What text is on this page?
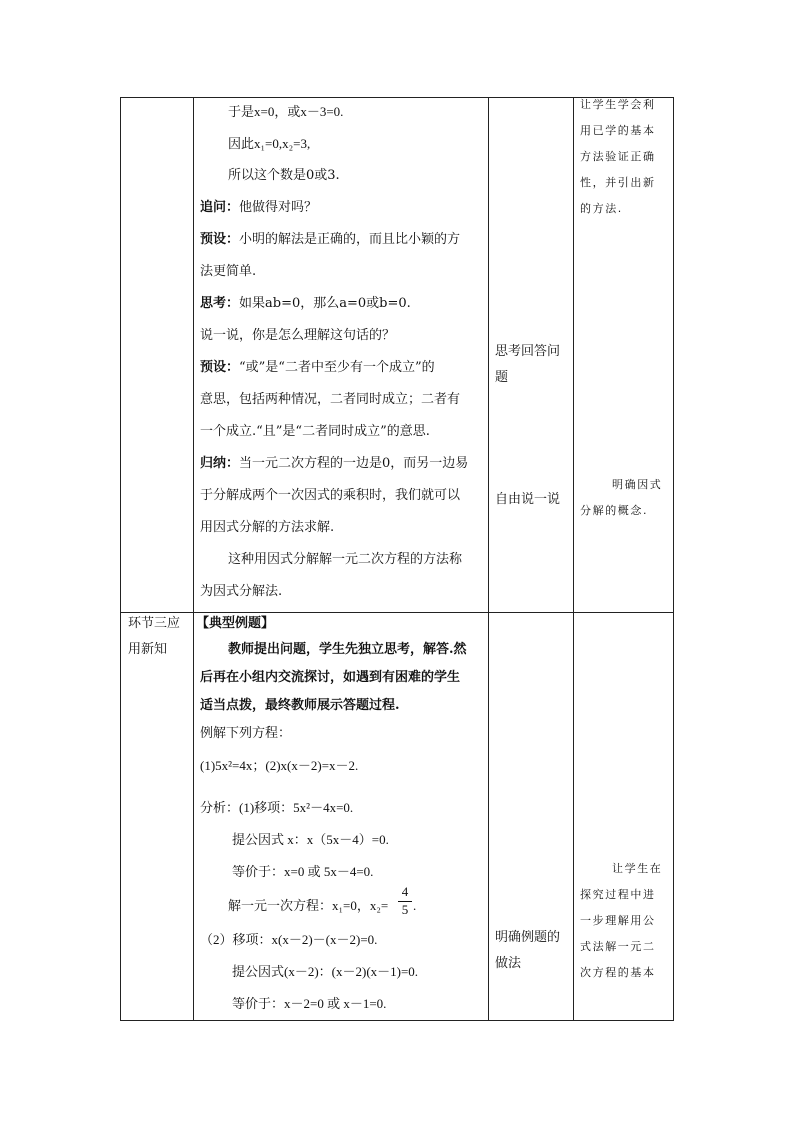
于是x=0，或x－3=0.
因此x₁=0,x₂=3,
所以这个数是0或3.
追问：他做得对吗？
预设：小明的解法是正确的，而且比小颖的方
法更简单.
思考：如果ab=0，那么a=0或b=0.
说一说，你是怎么理解这句话的？
预设：“或”是“二者中至少有一个成立”的
意思，包括两种情况，二者同时成立；二者有
一个成立.“且”是“二者同时成立”的意思.
归纳：当一元二次方程的一边是0，而另一边易
于分解成两个一次因式的乘积时，我们就可以
用因式分解的方法求解.
这种用因式分解解一元二次方程的方法称
为因式分解法.
思考回答问
题
自由说一说
让学生学会利
用已学的基本
方法验证正确
性，并引出新
的方法.
明确因式
分解的概念.
环节三应
用新知
【典型例题】
教师提出问题，学生先独立思考，解答.然
后再在小组内交流探讨，如遇到有困难的学生
适当点拨，最终教师展示答题过程.
例解下列方程：
(1)5x²=4x；(2)x(x－2)=x－2.
分析：(1)移项：5x²－4x=0.
提公因式 x：x（5x－4）=0.
等价于：x=0 或 5x－4=0.
解一元一次方程：x₁=0，x₂=
4
5 .
（2）移项：x(x－2)－(x－2)=0.
提公因式(x－2)：(x－2)(x－1)=0.
等价于：x－2=0 或 x－1=0.
明确例题的
做法
让学生在
探究过程中进
一步理解用公
式法解一元二
次方程的基本
